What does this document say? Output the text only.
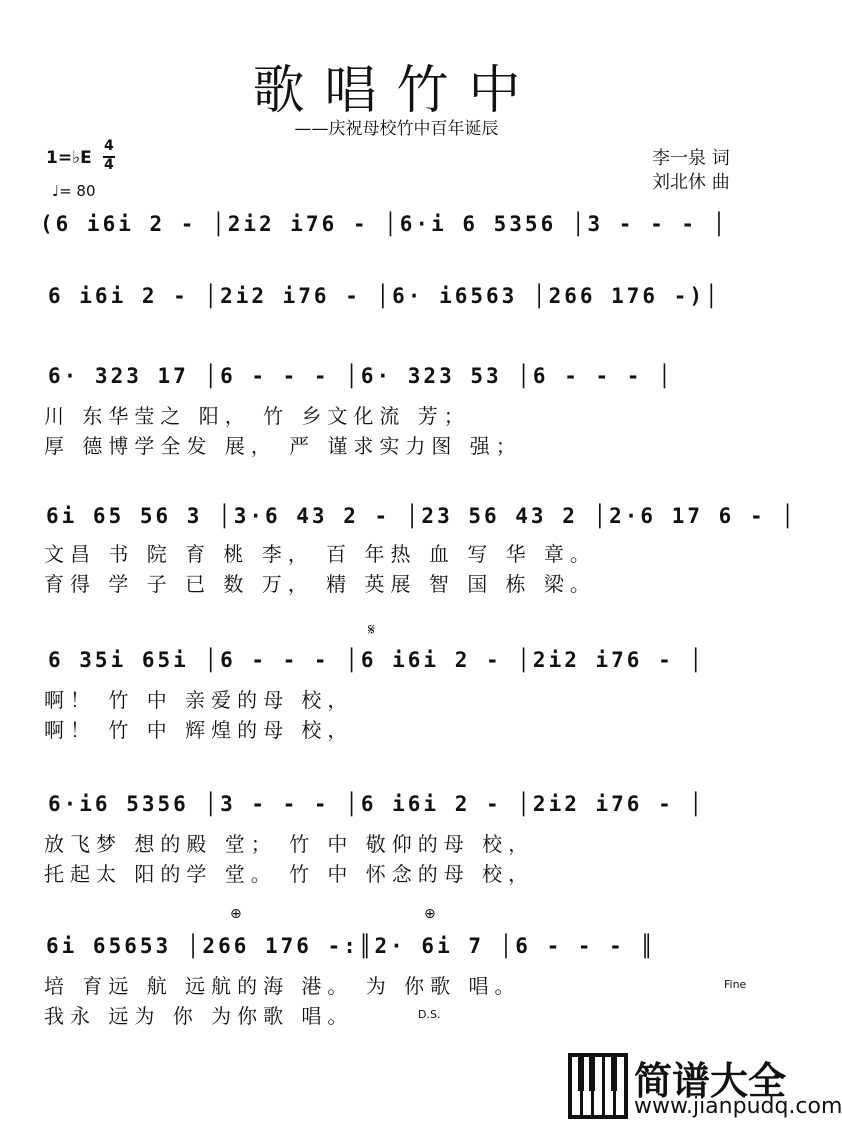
歌唱竹中
——庆祝母校竹中百年诞辰
李一泉 词
刘北休 曲
1=♭E
4
4
♩= 80
(6 i6i 2 - │2i2 i76 - │6·i 6 5356 │3 - - - │
6 i6i 2 - │2i2 i76 - │6· i6563 │266 176 -)│
6· 323 17 │6 - - - │6· 323 53 │6 - - - │
川 东华莹之 阳， 竹 乡文化流 芳；
厚 德博学全发 展， 严 谨求实力图 强；
6i 65 56 3 │3·6 43 2 - │23 56 43 2 │2·6 17 6 - │
文昌 书 院 育 桃 李， 百 年热 血 写 华 章。
育得 学 子 已 数 万， 精 英展 智 国 栋 梁。
𝄋
6 35i 65i │6 - - - │6 i6i 2 - │2i2 i76 - │
啊！ 竹 中 亲爱的母 校，
啊！ 竹 中 辉煌的母 校，
6·i6 5356 │3 - - - │6 i6i 2 - │2i2 i76 - │
放飞梦 想的殿 堂； 竹 中 敬仰的母 校，
托起太 阳的学 堂。 竹 中 怀念的母 校，
⊕	⊕
6i 65653 │266 176 -:║2· 6i 7 │6 - - - ║
培 育远 航 远航的海 港。 为 你歌 唱。
我永 远为 你 为你歌 唱。	D.S.
Fine
简谱大全
www.jianpudq.com
